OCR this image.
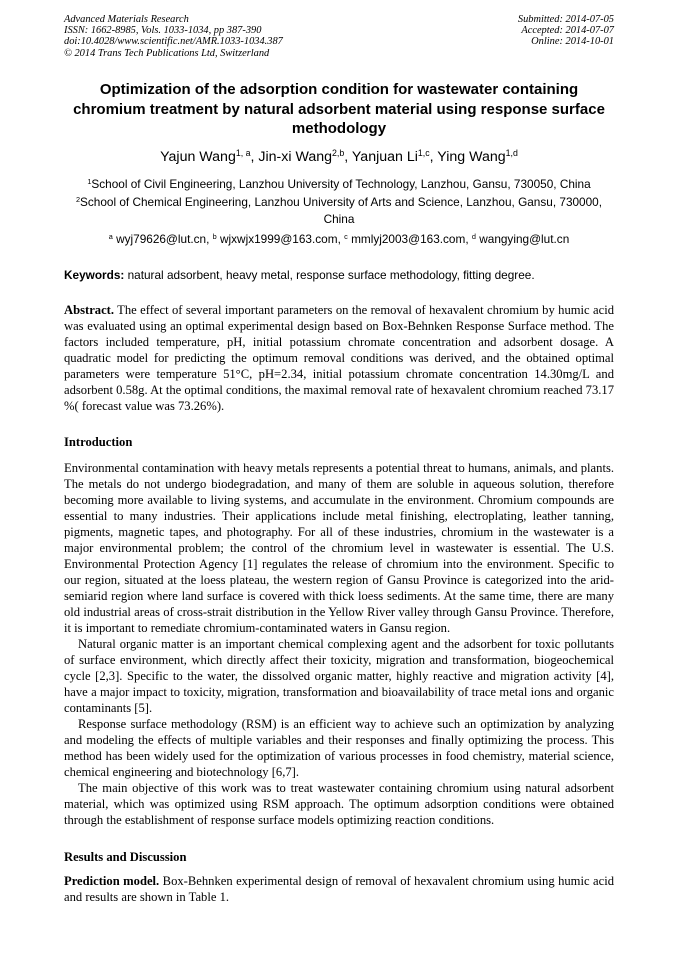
Advanced Materials Research
ISSN: 1662-8985, Vols. 1033-1034, pp 387-390
doi:10.4028/www.scientific.net/AMR.1033-1034.387
© 2014 Trans Tech Publications Ltd, Switzerland
Submitted: 2014-07-05
Accepted: 2014-07-07
Online: 2014-10-01
Optimization of the adsorption condition for wastewater containing chromium treatment by natural adsorbent material using response surface methodology
Yajun Wang$^{1, a}$, Jin-xi Wang$^{2,b}$, Yanjuan Li$^{1,c}$, Ying Wang$^{1,d}$
$^1$School of Civil Engineering, Lanzhou University of Technology, Lanzhou, Gansu, 730050, China
$^2$School of Chemical Engineering, Lanzhou University of Arts and Science, Lanzhou, Gansu, 730000, China
$^a$ wyj79626@lut.cn, $^b$ wjxwjx1999@163.com, $^c$ mmlyj2003@163.com, $^d$ wangying@lut.cn
Keywords: natural adsorbent, heavy metal, response surface methodology, fitting degree.
Abstract. The effect of several important parameters on the removal of hexavalent chromium by humic acid was evaluated using an optimal experimental design based on Box-Behnken Response Surface method. The factors included temperature, pH, initial potassium chromate concentration and adsorbent dosage. A quadratic model for predicting the optimum removal conditions was derived, and the obtained optimal parameters were temperature 51°C, pH=2.34, initial potassium chromate concentration 14.30mg/L and adsorbent 0.58g. At the optimal conditions, the maximal removal rate of hexavalent chromium reached 73.17 %( forecast value was 73.26%).
Introduction

Environmental contamination with heavy metals represents a potential threat to humans, animals, and plants. The metals do not undergo biodegradation, and many of them are soluble in aqueous solution, therefore becoming more available to living systems, and accumulate in the environment. Chromium compounds are essential to many industries. Their applications include metal finishing, electroplating, leather tanning, pigments, magnetic tapes, and photography. For all of these industries, chromium in the wastewater is a major environmental problem; the control of the chromium level in wastewater is essential. The U.S. Environmental Protection Agency [1] regulates the release of chromium into the environment. Specific to our region, situated at the loess plateau, the western region of Gansu Province is categorized into the arid-semiarid region where land surface is covered with thick loess sediments. At the same time, there are many old industrial areas of cross-strait distribution in the Yellow River valley through Gansu Province. Therefore, it is important to remediate chromium-contaminated waters in Gansu region.

Natural organic matter is an important chemical complexing agent and the adsorbent for toxic pollutants of surface environment, which directly affect their toxicity, migration and transformation, biogeochemical cycle [2,3]. Specific to the water, the dissolved organic matter, highly reactive and migration activity [4], have a major impact to toxicity, migration, transformation and bioavailability of trace metal ions and organic contaminants [5].

Response surface methodology (RSM) is an efficient way to achieve such an optimization by analyzing and modeling the effects of multiple variables and their responses and finally optimizing the process. This method has been widely used for the optimization of various processes in food chemistry, material science, chemical engineering and biotechnology [6,7].

The main objective of this work was to treat wastewater containing chromium using natural adsorbent material, which was optimized using RSM approach. The optimum adsorption conditions were obtained through the establishment of response surface models optimizing reaction conditions.

Results and Discussion
Prediction model. Box-Behnken experimental design of removal of hexavalent chromium using humic acid and results are shown in Table 1.
